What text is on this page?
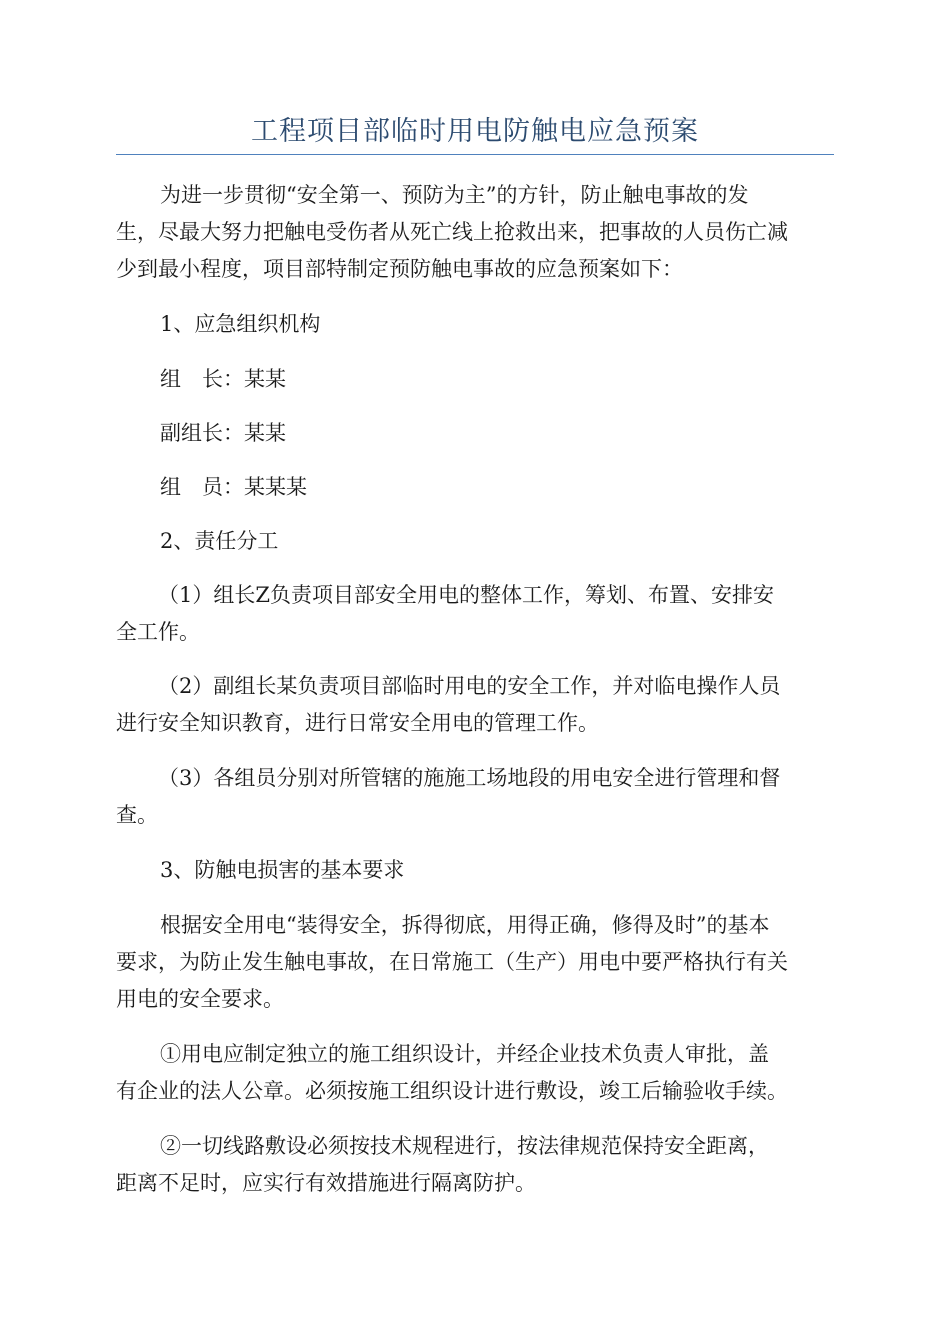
工程项目部临时用电防触电应急预案
为进一步贯彻“安全第一、预防为主”的方针，防止触电事故的发
生，尽最大努力把触电受伤者从死亡线上抢救出来，把事故的人员伤亡减
少到最小程度，项目部特制定预防触电事故的应急预案如下：
1、应急组织机构
组　长：某某
副组长：某某
组　员：某某某
2、责任分工
（1）组长Z负责项目部安全用电的整体工作，筹划、布置、安排安
全工作。
（2）副组长某负责项目部临时用电的安全工作，并对临电操作人员
进行安全知识教育，进行日常安全用电的管理工作。
（3）各组员分别对所管辖的施施工场地段的用电安全进行管理和督
查。
3、防触电损害的基本要求
根据安全用电“装得安全，拆得彻底，用得正确，修得及时”的基本
要求，为防止发生触电事故，在日常施工（生产）用电中要严格执行有关
用电的安全要求。
①用电应制定独立的施工组织设计，并经企业技术负责人审批，盖
有企业的法人公章。必须按施工组织设计进行敷设，竣工后输验收手续。
②一切线路敷设必须按技术规程进行，按法律规范保持安全距离，
距离不足时，应实行有效措施进行隔离防护。
